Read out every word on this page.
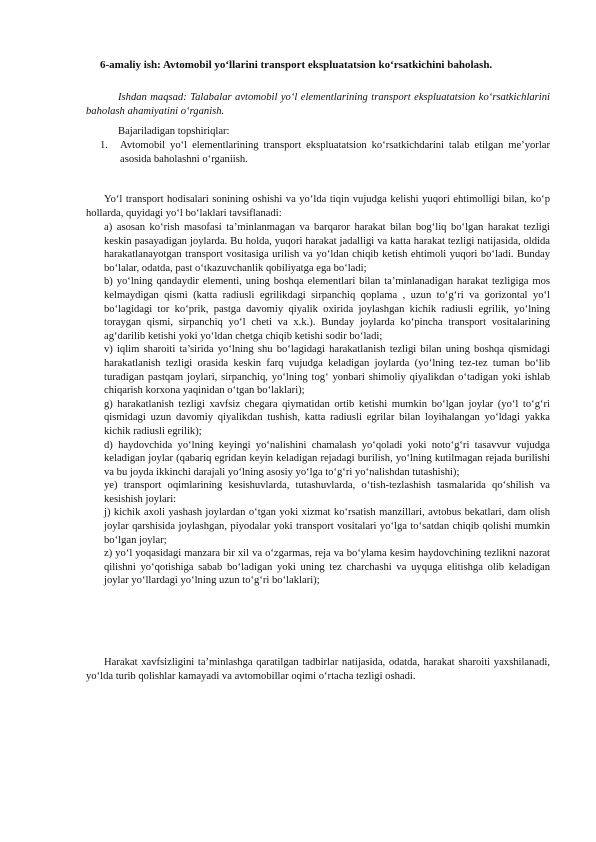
6-amaliy ish: Avtomobil yo‘llarini transport ekspluatatsion ko‘rsatkichini baholash.
Ishdan maqsad: Talabalar avtomobil yo‘l elementlarining transport ekspluatatsion ko‘rsatkichlarini baholash ahamiyatini o‘rganish.
Bajariladigan topshiriqlar:
1. Avtomobil yo‘l elementlarining transport ekspluatatsion ko‘rsatkichdarini talab etilgan me’yorlar asosida baholashni o‘rganiish.
Yo‘l transport hodisalari sonining oshishi va yo‘lda tiqin vujudga kelishi yuqori ehtimolligi bilan, ko‘p hollarda, quyidagi yo‘l bo‘laklari tavsiflanadi:
a) asosan ko‘rish masofasi ta’minlanmagan va barqaror harakat bilan bog‘liq bo‘lgan harakat tezligi keskin pasayadigan joylarda. Bu holda, yuqori harakat jadalligi va katta harakat tezligi natijasida, oldida harakatlanayotgan transport vositasiga urilish va yo‘ldan chiqib ketish ehtimoli yuqori bo‘ladi. Bunday bo‘lalar, odatda, past o‘tkazuvchanlik qobiliyatga ega bo‘ladi;
b) yo‘lning qandaydir elementi, uning boshqa elementlari bilan ta’minlanadigan harakat tezligiga mos kelmaydigan qismi (katta radiusli egrilikdagi sirpanchiq qoplama , uzun to‘g‘ri va gorizontal yo‘l bo‘lagidagi tor ko‘prik, pastga davomiy qiyalik oxirida joylashgan kichik radiusli egrilik, yo‘lning toraygan qismi, sirpanchiq yo‘l cheti va x.k.). Bunday joylarda ko‘pincha transport vositalarining ag‘darilib ketishi yoki yo‘ldan chetga chiqib ketishi sodir bo‘ladi;
v) iqlim sharoiti ta’sirida yo‘lning shu bo‘lagidagi harakatlanish tezligi bilan uning boshqa qismidagi harakatlanish tezligi orasida keskin farq vujudga keladigan joylarda (yo‘lning tez-tez tuman bo‘lib turadigan pastqam joylari, sirpanchiq, yo‘lning tog‘ yonbari shimoliy qiyalikdan o‘tadigan yoki ishlab chiqarish korxona yaqinidan o‘tgan bo‘laklari);
g) harakatlanish tezligi xavfsiz chegara qiymatidan ortib ketishi mumkin bo‘lgan joylar (yo‘l to‘g‘ri qismidagi uzun davomiy qiyalikdan tushish, katta radiusli egrilar bilan loyihalangan yo‘ldagi yakka kichik radiusli egrilik);
d) haydovchida yo‘lning keyingi yo‘nalishini chamalash yo‘qoladi yoki noto‘g‘ri tasavvur vujudga keladigan joylar (qabariq egridan keyin keladigan rejadagi burilish, yo‘lning kutilmagan rejada burilishi va bu joyda ikkinchi darajali yo‘lning asosiy yo‘lga to‘g‘ri yo‘nalishdan tutashishi);
ye) transport oqimlarining kesishuvlarda, tutashuvlarda, o‘tish-tezlashish tasmalarida qo‘shilish va kesishish joylari:
j) kichik axoli yashash joylardan o‘tgan yoki xizmat ko‘rsatish manzillari, avtobus bekatlari, dam olish joylar qarshisida joylashgan, piyodalar yoki transport vositalari yo‘lga to‘satdan chiqib qolishi mumkin bo‘lgan joylar;
z) yo‘l yoqasidagi manzara bir xil va o‘zgarmas, reja va bo‘ylama kesim haydovchining tezlikni nazorat qilishni yo‘qotishiga sabab bo‘ladigan yoki uning tez charchashi va uyquga elitishga olib keladigan joylar yo‘llardagi yo‘lning uzun to‘g‘ri bo‘laklari);
Harakat xavfsizligini ta’minlashga qaratilgan tadbirlar natijasida, odatda, harakat sharoiti yaxshilanadi, yo‘lda turib qolishlar kamayadi va avtomobillar oqimi o‘rtacha tezligi oshadi.
